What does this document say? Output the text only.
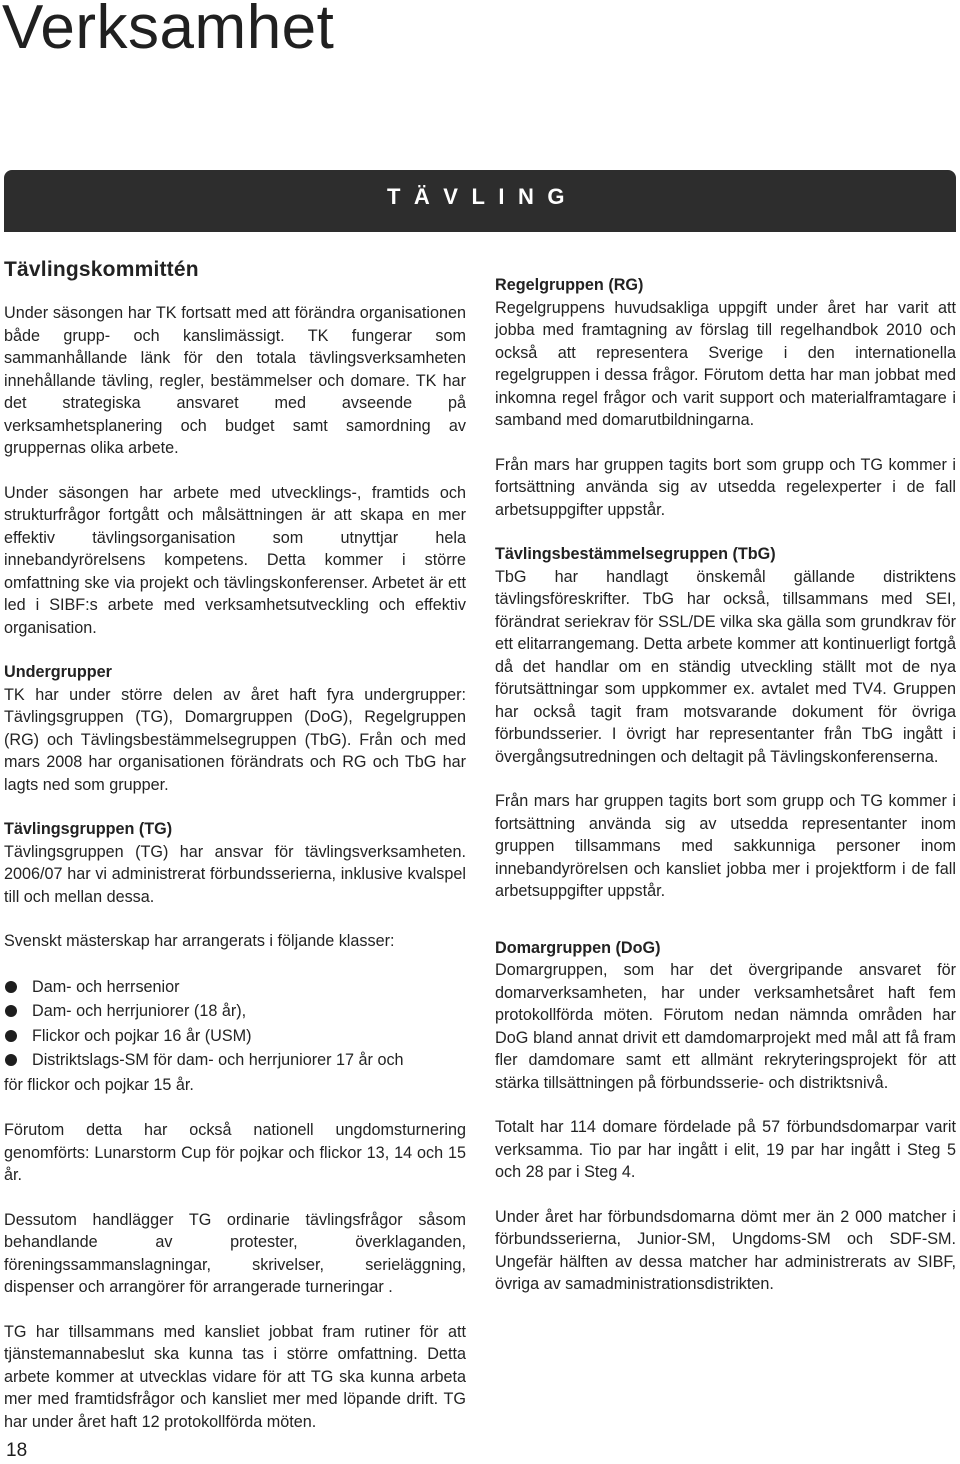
Verksamhet
TÄVLING
Tävlingskommittén

Under säsongen har TK fortsatt med att förändra organisationen både grupp- och kanslimässigt. TK fungerar som sammanhållande länk för den totala tävlingsverksamheten innehållande tävling, regler, bestämmelser och domare. TK har det strategiska ansvaret med avseende på verksamhetsplanering och budget samt samordning av gruppernas olika arbete.

Under säsongen har arbete med utvecklings-, framtids och strukturfrågor fortgått och målsättningen är att skapa en mer effektiv tävlingsorganisation som utnyttjar hela innebandyrörelsens kompetens. Detta kommer i större omfattning ske via projekt och tävlingskonferenser. Arbetet är ett led i SIBF:s arbete med verksamhetsutveckling och effektiv organisation.

Undergrupper
TK har under större delen av året haft fyra undergrupper: Tävlingsgruppen (TG), Domargruppen (DoG), Regelgruppen (RG) och Tävlingsbestämmelsegruppen (TbG). Från och med mars 2008 har organisationen förändrats och RG och TbG har lagts ned som grupper.

Tävlingsgruppen (TG)
Tävlingsgruppen (TG) har ansvar för tävlingsverksamheten. 2006/07 har vi administrerat förbundsserierna, inklusive kvalspel till och mellan dessa.

Svenskt mästerskap har arrangerats i följande klasser:

Dam- och herrsenior
Dam- och herrjuniorer (18 år),
Flickor och pojkar 16 år (USM)
Distriktslags-SM för dam- och herrjuniorer 17 år och
för flickor och pojkar 15 år.

Förutom detta har också nationell ungdomsturnering genomförts: Lunarstorm Cup för pojkar och flickor 13, 14 och 15 år.

Dessutom handlägger TG ordinarie tävlingsfrågor såsom behandlande av protester, överklaganden, föreningssammanslagningar, skrivelser, serieläggning, dispenser och arrangörer för arrangerade turneringar .

TG har tillsammans med kansliet jobbat fram rutiner för att tjänstemannabeslut ska kunna tas i större omfattning. Detta arbete kommer at utvecklas vidare för att TG ska kunna arbeta mer med framtidsfrågor och kansliet mer med löpande drift. TG har under året haft 12 protokollförda möten.

Regelgruppen (RG)
Regelgruppens huvudsakliga uppgift under året har varit att jobba med framtagning av förslag till regelhandbok 2010 och också att representera Sverige i den internationella regelgruppen i dessa frågor. Förutom detta har man jobbat med inkomna regel frågor och varit support och materialframtagare i samband med domarutbildningarna.

Från mars har gruppen tagits bort som grupp och TG kommer i fortsättning använda sig av utsedda regelexperter i de fall arbetsuppgifter uppstår.

Tävlingsbestämmelsegruppen (TbG)
TbG har handlagt önskemål gällande distriktens tävlingsföreskrifter. TbG har också, tillsammans med SEI, förändrat seriekrav för SSL/DE vilka ska gälla som grundkrav för ett elitarrangemang. Detta arbete kommer att kontinuerligt fortgå då det handlar om en ständig utveckling ställt mot de nya förutsättningar som uppkommer ex. avtalet med TV4. Gruppen har också tagit fram motsvarande dokument för övriga förbundsserier. I övrigt har representanter från TbG ingått i övergångsutredningen och deltagit på Tävlingskonferenserna.

Från mars har gruppen tagits bort som grupp och TG kommer i fortsättning använda sig av utsedda representanter inom gruppen tillsammans med sakkunniga personer inom innebandyrörelsen och kansliet jobba mer i projektform i de fall arbetsuppgifter uppstår.

Domargruppen (DoG)
Domargruppen, som har det övergripande ansvaret för domarverksamheten, har under verksamhetsåret haft fem protokollförda möten. Förutom nedan nämnda områden har DoG bland annat drivit ett damdomarprojekt med mål att få fram fler damdomare samt ett allmänt rekryteringsprojekt för att stärka tillsättningen på förbundsserie- och distriktsnivå.

Totalt har 114 domare fördelade på 57 förbundsdomarpar varit verksamma. Tio par har ingått i elit, 19 par har ingått i Steg 5 och 28 par i Steg 4.

Under året har förbundsdomarna dömt mer än 2 000 matcher i förbundsserierna, Junior-SM, Ungdoms-SM och SDF-SM. Ungefär hälften av dessa matcher har administrerats av SIBF, övriga av samadministrationsdistrikten.

18
